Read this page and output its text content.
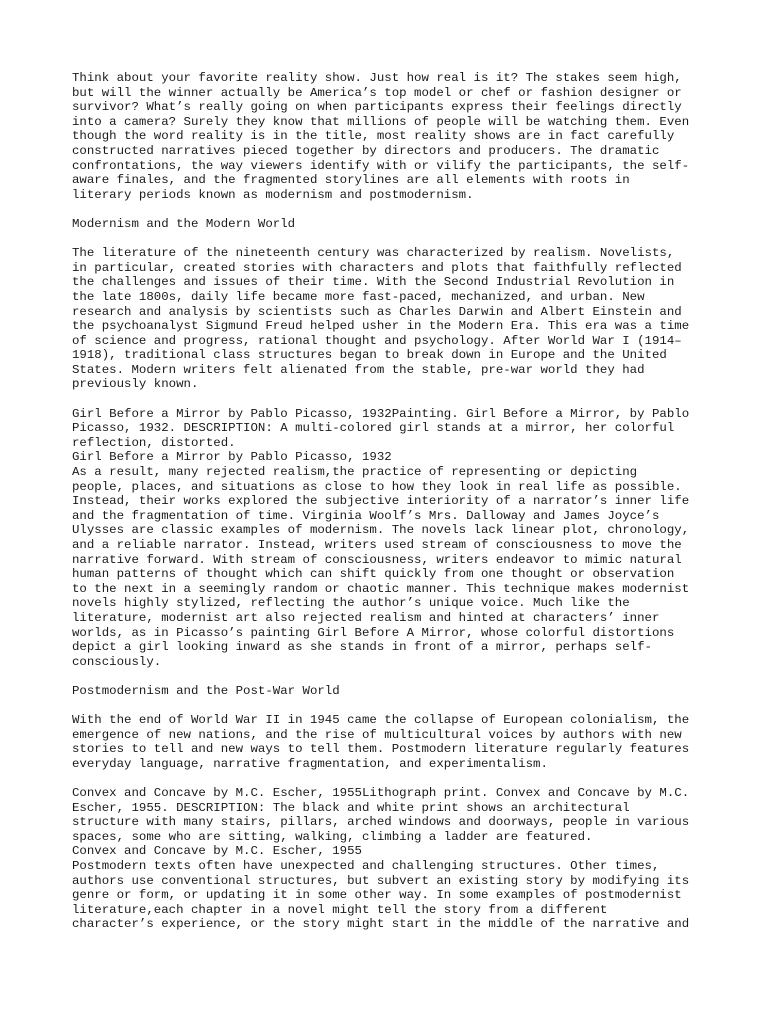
Think about your favorite reality show. Just how real is it? The stakes seem high,
but will the winner actually be America’s top model or chef or fashion designer or
survivor? What’s really going on when participants express their feelings directly
into a camera? Surely they know that millions of people will be watching them. Even
though the word reality is in the title, most reality shows are in fact carefully
constructed narratives pieced together by directors and producers. The dramatic
confrontations, the way viewers identify with or vilify the participants, the self-
aware finales, and the fragmented storylines are all elements with roots in
literary periods known as modernism and postmodernism.

Modernism and the Modern World

The literature of the nineteenth century was characterized by realism. Novelists,
in particular, created stories with characters and plots that faithfully reflected
the challenges and issues of their time. With the Second Industrial Revolution in
the late 1800s, daily life became more fast-paced, mechanized, and urban. New
research and analysis by scientists such as Charles Darwin and Albert Einstein and
the psychoanalyst Sigmund Freud helped usher in the Modern Era. This era was a time
of science and progress, rational thought and psychology. After World War I (1914–
1918), traditional class structures began to break down in Europe and the United
States. Modern writers felt alienated from the stable, pre-war world they had
previously known.

Girl Before a Mirror by Pablo Picasso, 1932Painting. Girl Before a Mirror, by Pablo
Picasso, 1932. DESCRIPTION: A multi-colored girl stands at a mirror, her colorful
reflection, distorted.

Girl Before a Mirror by Pablo Picasso, 1932

As a result, many rejected realism,the practice of representing or depicting
people, places, and situations as close to how they look in real life as possible.
Instead, their works explored the subjective interiority of a narrator’s inner life
and the fragmentation of time. Virginia Woolf’s Mrs. Dalloway and James Joyce’s
Ulysses are classic examples of modernism. The novels lack linear plot, chronology,
and a reliable narrator. Instead, writers used stream of consciousness to move the
narrative forward. With stream of consciousness, writers endeavor to mimic natural
human patterns of thought which can shift quickly from one thought or observation
to the next in a seemingly random or chaotic manner. This technique makes modernist
novels highly stylized, reflecting the author’s unique voice. Much like the
literature, modernist art also rejected realism and hinted at characters’ inner
worlds, as in Picasso’s painting Girl Before A Mirror, whose colorful distortions
depict a girl looking inward as she stands in front of a mirror, perhaps self-
consciously.

Postmodernism and the Post-War World

With the end of World War II in 1945 came the collapse of European colonialism, the
emergence of new nations, and the rise of multicultural voices by authors with new
stories to tell and new ways to tell them. Postmodern literature regularly features
everyday language, narrative fragmentation, and experimentalism.

Convex and Concave by M.C. Escher, 1955Lithograph print. Convex and Concave by M.C.
Escher, 1955. DESCRIPTION: The black and white print shows an architectural
structure with many stairs, pillars, arched windows and doorways, people in various
spaces, some who are sitting, walking, climbing a ladder are featured.

Convex and Concave by M.C. Escher, 1955

Postmodern texts often have unexpected and challenging structures. Other times,
authors use conventional structures, but subvert an existing story by modifying its
genre or form, or updating it in some other way. In some examples of postmodernist
literature,each chapter in a novel might tell the story from a different
character’s experience, or the story might start in the middle of the narrative and
